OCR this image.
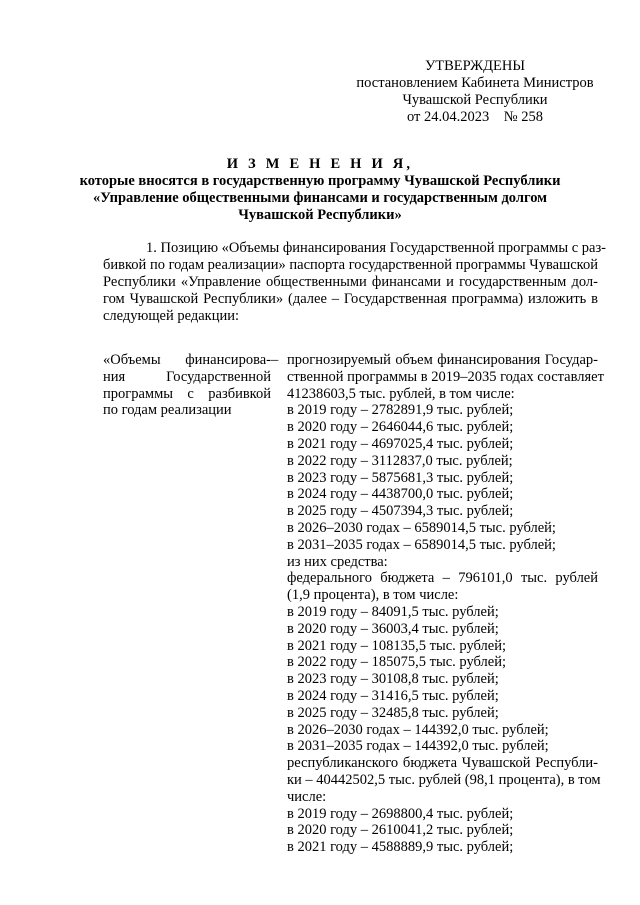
УТВЕРЖДЕНЫ
постановлением Кабинета Министров
Чувашской Республики
от 24.04.2023    № 258
И З М Е Н Е Н И Я,
которые вносятся в государственную программу Чувашской Республики
«Управление общественными финансами и государственным долгом
Чувашской Республики»
1. Позицию «Объемы финансирования Государственной программы с раз-
бивкой по годам реализации» паспорта государственной программы Чувашской
Республики «Управление общественными финансами и государственным дол-
гом Чувашской Республики» (далее – Государственная программа) изложить в
следующей редакции:
«Объемы финансирова-
ния Государственной
программы с разбивкой
по годам реализации
– прогнозируемый объем финансирования Государ-
ственной программы в 2019–2035 годах составляет
41238603,5 тыс. рублей, в том числе:
в 2019 году – 2782891,9 тыс. рублей;
в 2020 году – 2646044,6 тыс. рублей;
в 2021 году – 4697025,4 тыс. рублей;
в 2022 году – 3112837,0 тыс. рублей;
в 2023 году – 5875681,3 тыс. рублей;
в 2024 году – 4438700,0 тыс. рублей;
в 2025 году – 4507394,3 тыс. рублей;
в 2026–2030 годах – 6589014,5 тыс. рублей;
в 2031–2035 годах – 6589014,5 тыс. рублей;
из них средства:
федерального бюджета – 796101,0 тыс. рублей
(1,9 процента), в том числе:
в 2019 году – 84091,5 тыс. рублей;
в 2020 году – 36003,4 тыс. рублей;
в 2021 году – 108135,5 тыс. рублей;
в 2022 году – 185075,5 тыс. рублей;
в 2023 году – 30108,8 тыс. рублей;
в 2024 году – 31416,5 тыс. рублей;
в 2025 году – 32485,8 тыс. рублей;
в 2026–2030 годах – 144392,0 тыс. рублей;
в 2031–2035 годах – 144392,0 тыс. рублей;
республиканского бюджета Чувашской Республи-
ки – 40442502,5 тыс. рублей (98,1 процента), в том
числе:
в 2019 году – 2698800,4 тыс. рублей;
в 2020 году – 2610041,2 тыс. рублей;
в 2021 году – 4588889,9 тыс. рублей;
